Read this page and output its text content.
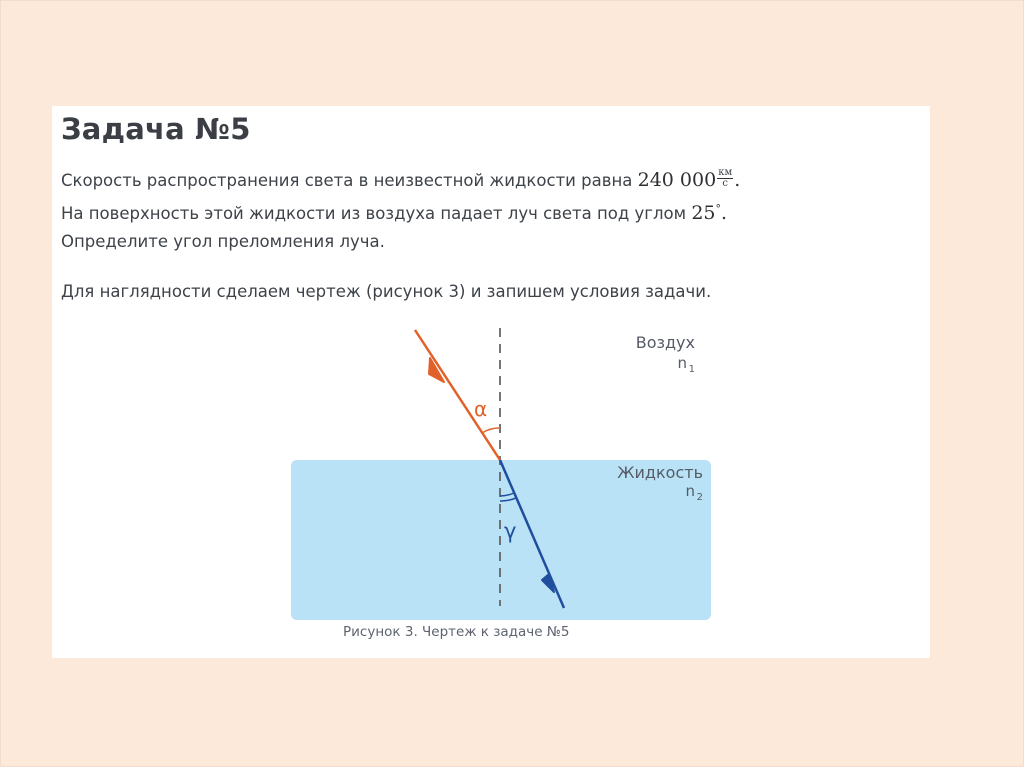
Задача №5
Скорость распространения света в неизвестной жидкости равна 240 $000 \frac{км}{с}$ .
На поверхность этой жидкости из воздуха падает луч света под углом 25°.
Определите угол преломления луча.
Для наглядности сделаем чертеж (рисунок 3) и запишем условия задачи.
α
γ
Воздух
n 1
Жидкость
n 2
Рисунок 3. Чертеж к задаче №5
